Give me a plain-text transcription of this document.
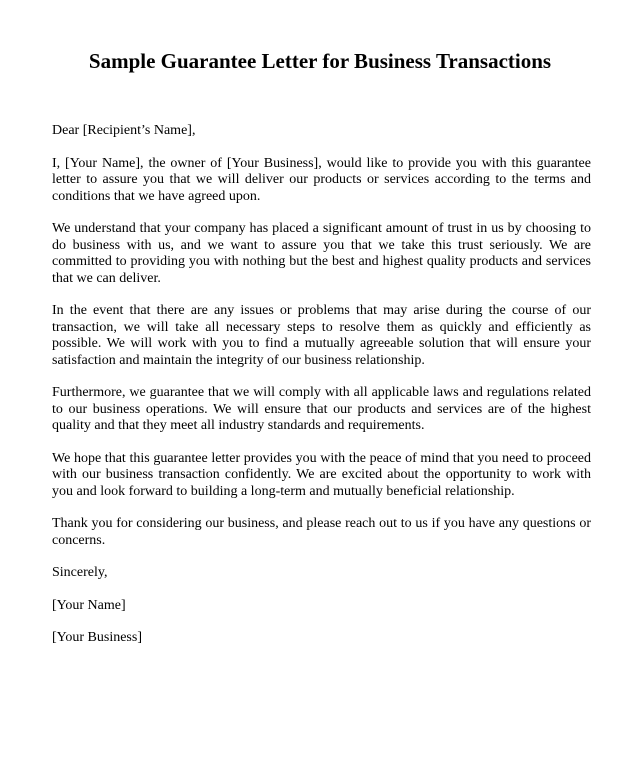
Sample Guarantee Letter for Business Transactions

Dear [Recipient’s Name],

I, [Your Name], the owner of [Your Business], would like to provide you with this guarantee letter to assure you that we will deliver our products or services according to the terms and conditions that we have agreed upon.

We understand that your company has placed a significant amount of trust in us by choosing to do business with us, and we want to assure you that we take this trust seriously. We are committed to providing you with nothing but the best and highest quality products and services that we can deliver.

In the event that there are any issues or problems that may arise during the course of our transaction, we will take all necessary steps to resolve them as quickly and efficiently as possible. We will work with you to find a mutually agreeable solution that will ensure your satisfaction and maintain the integrity of our business relationship.

Furthermore, we guarantee that we will comply with all applicable laws and regulations related to our business operations. We will ensure that our products and services are of the highest quality and that they meet all industry standards and requirements.

We hope that this guarantee letter provides you with the peace of mind that you need to proceed with our business transaction confidently. We are excited about the opportunity to work with you and look forward to building a long-term and mutually beneficial relationship.

Thank you for considering our business, and please reach out to us if you have any questions or concerns.

Sincerely,

[Your Name]

[Your Business]
